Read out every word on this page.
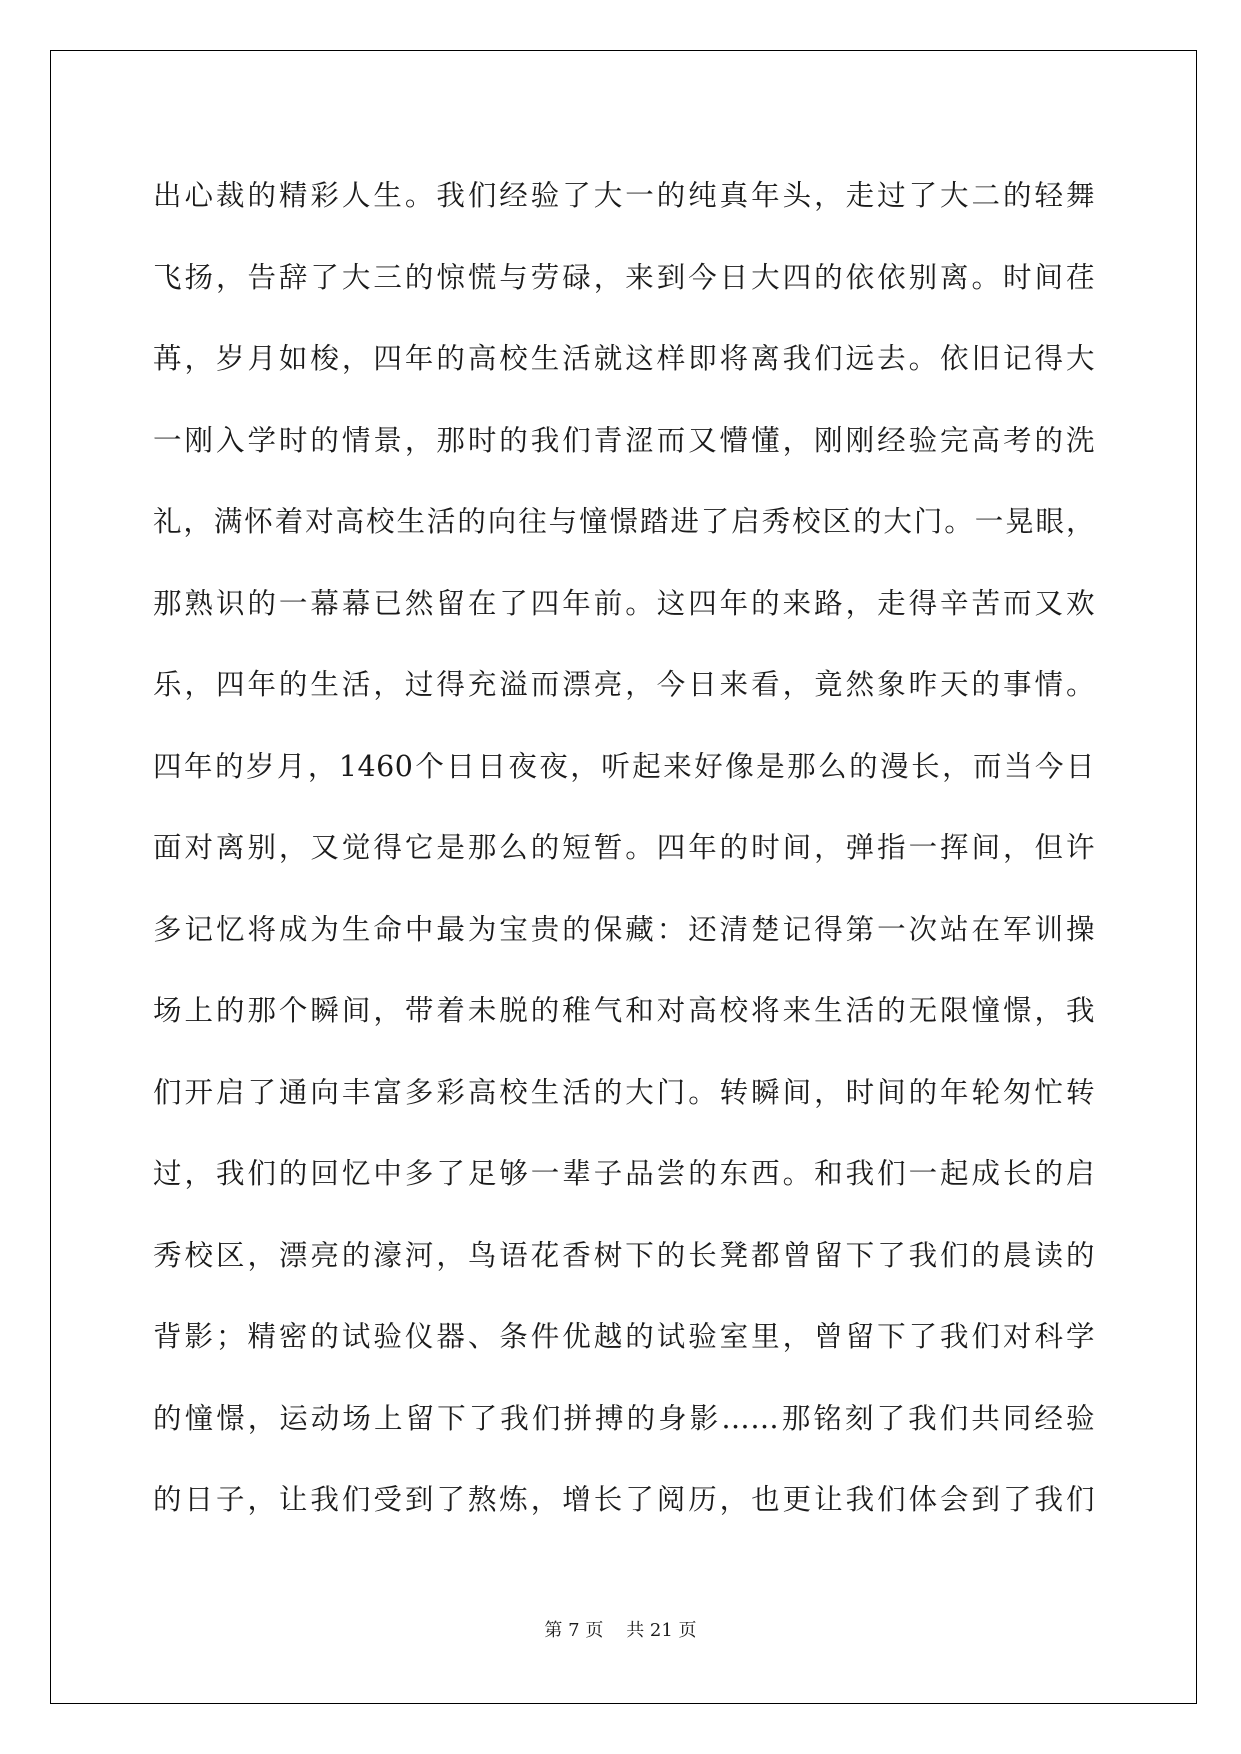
出心裁的精彩人生。我们经验了大一的纯真年头，走过了大二的轻舞
飞扬，告辞了大三的惊慌与劳碌，来到今日大四的依依别离。时间荏
苒，岁月如梭，四年的高校生活就这样即将离我们远去。依旧记得大
一刚入学时的情景，那时的我们青涩而又懵懂，刚刚经验完高考的洗
礼，满怀着对高校生活的向往与憧憬踏进了启秀校区的大门。一晃眼，
那熟识的一幕幕已然留在了四年前。这四年的来路，走得辛苦而又欢
乐，四年的生活，过得充溢而漂亮，今日来看，竟然象昨天的事情。
四年的岁月，1460个日日夜夜，听起来好像是那么的漫长，而当今日
面对离别，又觉得它是那么的短暂。四年的时间，弹指一挥间，但许
多记忆将成为生命中最为宝贵的保藏：还清楚记得第一次站在军训操
场上的那个瞬间，带着未脱的稚气和对高校将来生活的无限憧憬，我
们开启了通向丰富多彩高校生活的大门。转瞬间，时间的年轮匆忙转
过，我们的回忆中多了足够一辈子品尝的东西。和我们一起成长的启
秀校区，漂亮的濠河，鸟语花香树下的长凳都曾留下了我们的晨读的
背影；精密的试验仪器、条件优越的试验室里，曾留下了我们对科学
的憧憬，运动场上留下了我们拼搏的身影……那铭刻了我们共同经验
的日子，让我们受到了熬炼，增长了阅历，也更让我们体会到了我们
第 7 页    共 21 页
